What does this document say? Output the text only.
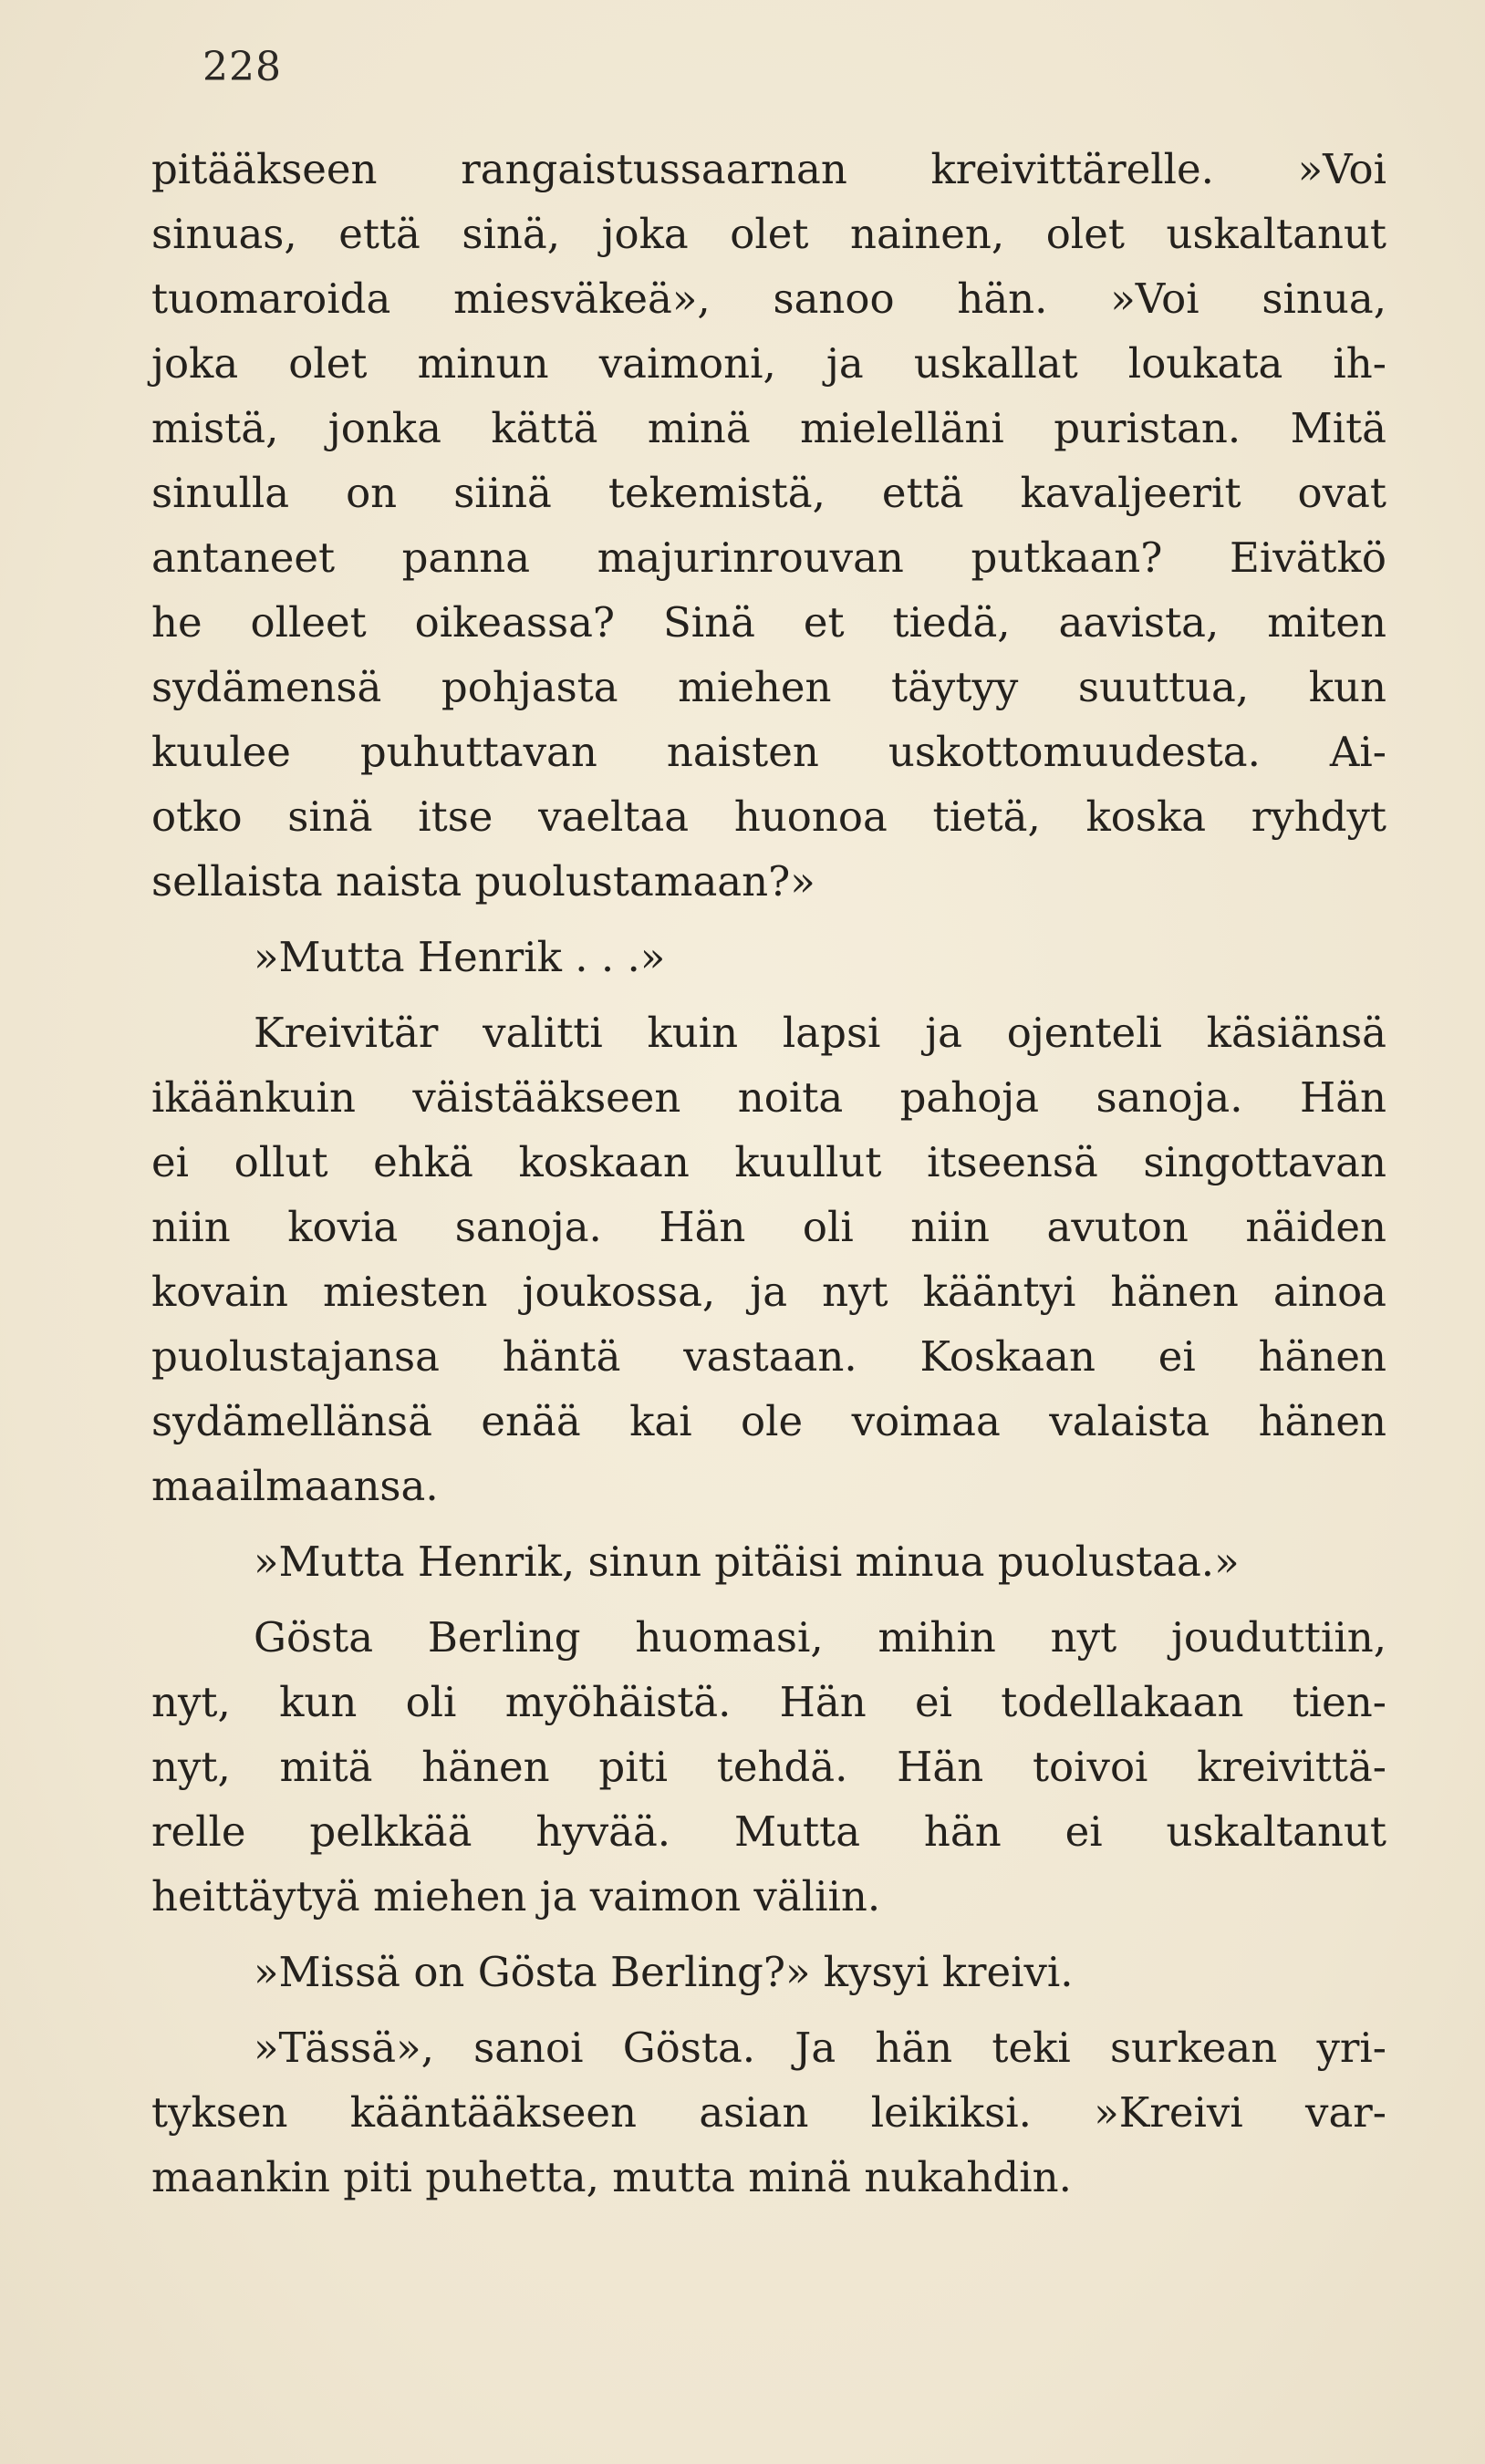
228
pitääkseen rangaistussaarnan kreivittärelle. »Voi
sinuas, että sinä, joka olet nainen, olet uskaltanut
tuomaroida miesväkeä», sanoo hän. »Voi sinua,
joka olet minun vaimoni, ja uskallat loukata ih-
mistä, jonka kättä minä mielelläni puristan. Mitä
sinulla on siinä tekemistä, että kavaljeerit ovat
antaneet panna majurinrouvan putkaan? Eivätkö
he olleet oikeassa? Sinä et tiedä, aavista, miten
sydämensä pohjasta miehen täytyy suuttua, kun
kuulee puhuttavan naisten uskottomuudesta. Ai-
otko sinä itse vaeltaa huonoa tietä, koska ryhdyt
sellaista naista puolustamaan?»
»Mutta Henrik . . .»
Kreivitär valitti kuin lapsi ja ojenteli käsiänsä
ikäänkuin väistääkseen noita pahoja sanoja. Hän
ei ollut ehkä koskaan kuullut itseensä singottavan
niin kovia sanoja. Hän oli niin avuton näiden
kovain miesten joukossa, ja nyt kääntyi hänen ainoa
puolustajansa häntä vastaan. Koskaan ei hänen
sydämellänsä enää kai ole voimaa valaista hänen
maailmaansa.
»Mutta Henrik, sinun pitäisi minua puolustaa.»
Gösta Berling huomasi, mihin nyt jouduttiin,
nyt, kun oli myöhäistä. Hän ei todellakaan tien-
nyt, mitä hänen piti tehdä. Hän toivoi kreivittä-
relle pelkkää hyvää. Mutta hän ei uskaltanut
heittäytyä miehen ja vaimon väliin.
»Missä on Gösta Berling?» kysyi kreivi.
»Tässä», sanoi Gösta. Ja hän teki surkean yri-
tyksen kääntääkseen asian leikiksi. »Kreivi var-
maankin piti puhetta, mutta minä nukahdin.
